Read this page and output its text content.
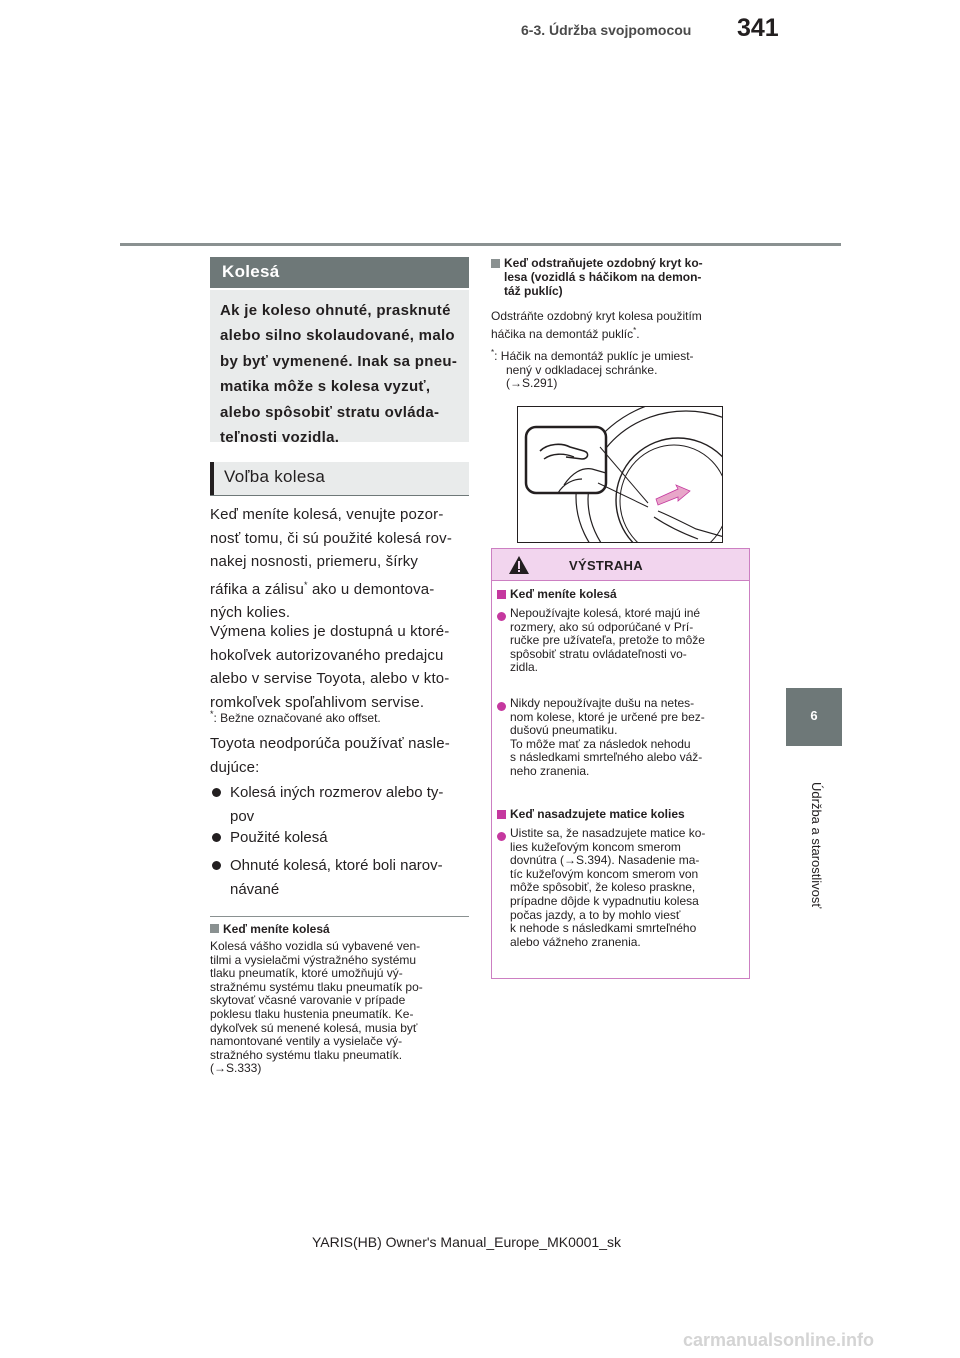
6-3. Údržba svojpomocou 341
6
Údržba a starostlivosť
Kolesá

Ak je koleso ohnuté, prasknuté alebo silno skolaudované, malo by byť vymenené. Inak sa pneumatika môže s kolesa vyzuť, alebo spôsobiť stratu ovládateľnosti vozidla.

Voľba kolesa

Keď meníte kolesá, venujte pozor-

nosť tomu, či sú použité kolesá rov-

nakej nosnosti, priemeru, šírky

ráfika a zálisu* ako u demontova-

ných kolies.

Výmena kolies je dostupná u ktoré-

hokoľvek autorizovaného predajcu

alebo v servise Toyota, alebo v kto-

romkoľvek spoľahlivom servise.

*: Bežne označované ako offset.

Toyota neodporúča používať nasle-

dujúce:

Kolesá iných rozmerov alebo ty-
pov
Použité kolesá
Ohnuté kolesá, ktoré boli narov-
návané
Keď meníte kolesá
Kolesá vášho vozidla sú vybavené ven-
tilmi a vysielačmi výstražného systému
tlaku pneumatík, ktoré umožňujú vý-
stražnému systému tlaku pneumatík po-
skytovať včasné varovanie v prípade
poklesu tlaku hustenia pneumatík. Ke-
dykoľvek sú menené kolesá, musia byť
namontované ventily a vysielače vý-
stražného systému tlaku pneumatík.
(→S.333)
Keď odstraňujete ozdobný kryt ko-
lesa (vozidlá s háčikom na demon-
táž puklíc)
Odstráňte ozdobný kryt kolesa použitím
háčika na demontáž puklíc*.
*: Háčik na demontáž puklíc je umiest-
nený v odkladacej schránke.
(→S.291)
VÝSTRAHA
Keď meníte kolesá
Nepoužívajte kolesá, ktoré majú iné
rozmery, ako sú odporúčané v Prí-
ručke pre užívateľa, pretože to môže
spôsobiť stratu ovládateľnosti vo-
zidla.
Nikdy nepoužívajte dušu na netes-
nom kolese, ktoré je určené pre bez-
dušovú pneumatiku.
To môže mať za následok nehodu
s následkami smrteľného alebo váž-
neho zranenia.
Keď nasadzujete matice kolies
Uistite sa, že nasadzujete matice ko-
lies kužeľovým koncom smerom
dovnútra (→S.394). Nasadenie ma-
tíc kužeľovým koncom smerom von
môže spôsobiť, že koleso praskne,
prípadne dôjde k vypadnutiu kolesa
počas jazdy, a to by mohlo viesť
k nehode s následkami smrteľného
alebo vážneho zranenia.
YARIS(HB) Owner's Manual_Europe_MK0001_sk
carmanualsonline.info
